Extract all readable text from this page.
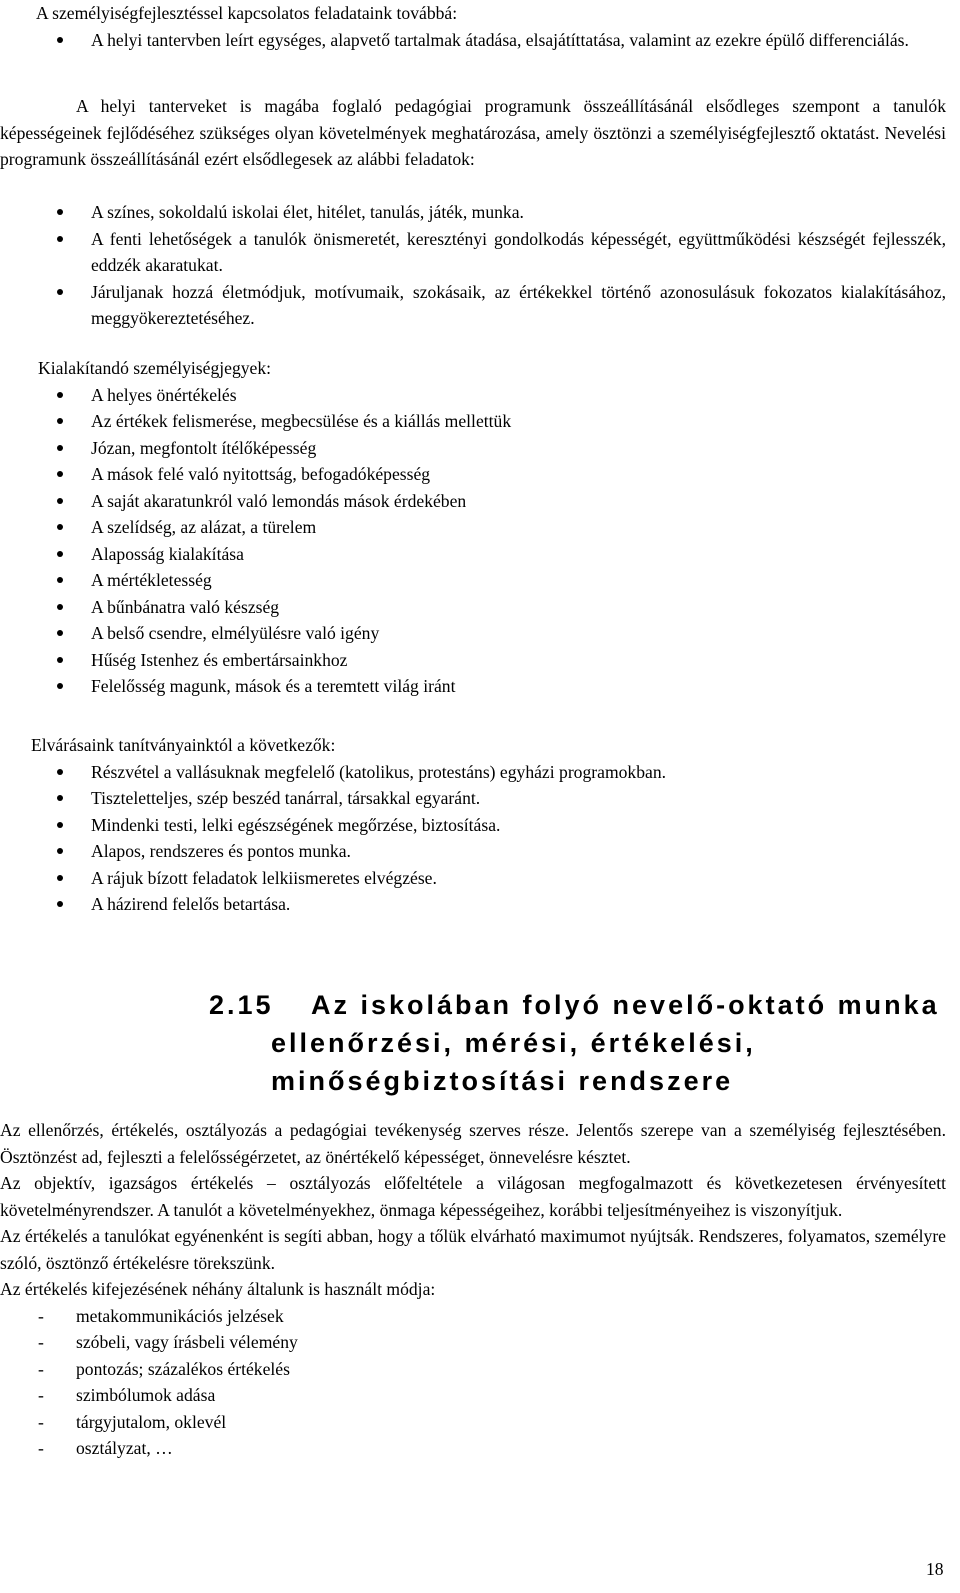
A személyiségfejlesztéssel kapcsolatos feladataink továbbá:

A helyi tantervben leírt egységes, alapvető tartalmak átadása, elsajátíttatása, valamint az ezekre épülő differenciálás.

A helyi tanterveket is magába foglaló pedagógiai programunk összeállításánál elsődleges szempont a tanulók képességeinek fejlődéséhez szükséges olyan követelmények meghatározása, amely ösztönzi a személyiségfejlesztő oktatást. Nevelési programunk összeállításánál ezért elsődlegesek az alábbi feladatok:

A színes, sokoldalú iskolai élet, hitélet, tanulás, játék, munka.

A fenti lehetőségek a tanulók önismeretét, keresztényi gondolkodás képességét, együttműködési készségét fejlesszék, eddzék akaratukat.

Járuljanak hozzá életmódjuk, motívumaik, szokásaik, az értékekkel történő azonosulásuk fokozatos kialakításához, meggyökereztetéséhez.

Kialakítandó személyiségjegyek:

A helyes önértékelés

Az értékek felismerése, megbecsülése és a kiállás mellettük

Józan, megfontolt ítélőképesség

A mások felé való nyitottság, befogadóképesség

A saját akaratunkról való lemondás mások érdekében

A szelídség, az alázat, a türelem

Alaposság kialakítása

A mértékletesség

A bűnbánatra való készség

A belső csendre, elmélyülésre való igény

Hűség Istenhez és embertársainkhoz

Felelősség magunk, mások és a teremtett világ iránt

Elvárásaink tanítványainktól a következők:

Részvétel a vallásuknak megfelelő (katolikus, protestáns) egyházi programokban.

Tiszteletteljes, szép beszéd tanárral, társakkal egyaránt.

Mindenki testi, lelki egészségének megőrzése, biztosítása.

Alapos, rendszeres és pontos munka.

A rájuk bízott feladatok lelkiismeretes elvégzése.

A házirend felelős betartása.

2.15 Az iskolában folyó nevelő-oktató munka
ellenőrzési, mérési, értékelési,
minőségbiztosítási rendszere

Az ellenőrzés, értékelés, osztályozás a pedagógiai tevékenység szerves része. Jelentős szerepe van a személyiség fejlesztésében. Ösztönzést ad, fejleszti a felelősségérzetet, az önértékelő képességet, önnevelésre késztet.

Az objektív, igazságos értékelés – osztályozás előfeltétele a világosan megfogalmazott és következetesen érvényesített követelményrendszer. A tanulót a követelményekhez, önmaga képességeihez, korábbi teljesítményeihez is viszonyítjuk.

Az értékelés a tanulókat egyénenként is segíti abban, hogy a tőlük elvárható maximumot nyújtsák. Rendszeres, folyamatos, személyre szóló, ösztönző értékelésre törekszünk.

Az értékelés kifejezésének néhány általunk is használt módja:

- metakommunikációs jelzések

- szóbeli, vagy írásbeli vélemény

- pontozás; százalékos értékelés

- szimbólumok adása

- tárgyjutalom, oklevél

- osztályzat, …

18
